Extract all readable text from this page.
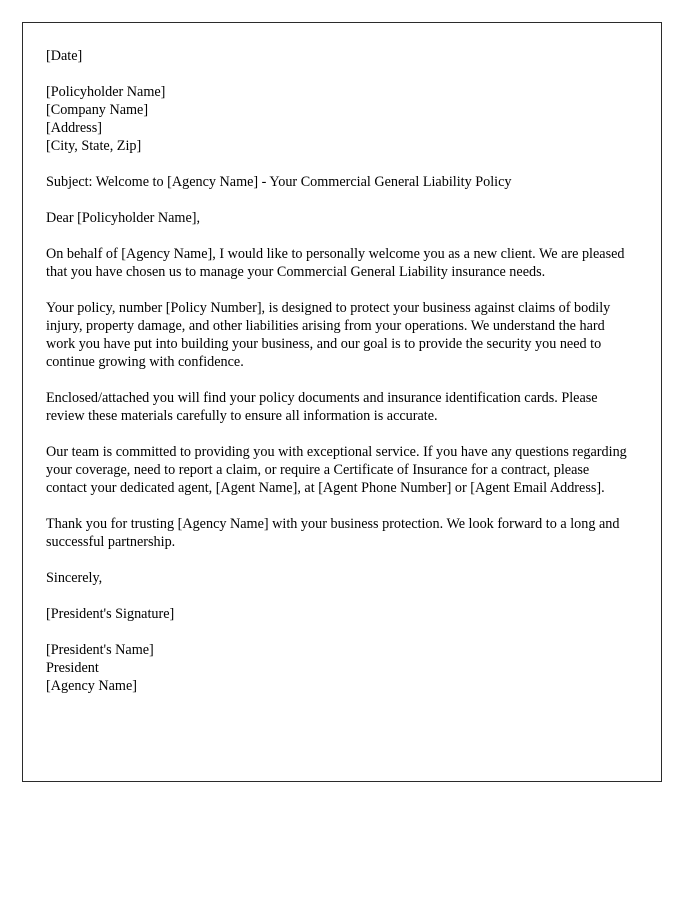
[Date]
[Policyholder Name]
[Company Name]
[Address]
[City, State, Zip]
Subject: Welcome to [Agency Name] - Your Commercial General Liability Policy
Dear [Policyholder Name],
On behalf of [Agency Name], I would like to personally welcome you as a new client. We are pleased that you have chosen us to manage your Commercial General Liability insurance needs.
Your policy, number [Policy Number], is designed to protect your business against claims of bodily injury, property damage, and other liabilities arising from your operations. We understand the hard work you have put into building your business, and our goal is to provide the security you need to continue growing with confidence.
Enclosed/attached you will find your policy documents and insurance identification cards. Please review these materials carefully to ensure all information is accurate.
Our team is committed to providing you with exceptional service. If you have any questions regarding your coverage, need to report a claim, or require a Certificate of Insurance for a contract, please contact your dedicated agent, [Agent Name], at [Agent Phone Number] or [Agent Email Address].
Thank you for trusting [Agency Name] with your business protection. We look forward to a long and successful partnership.
Sincerely,
[President's Signature]
[President's Name]
President
[Agency Name]
